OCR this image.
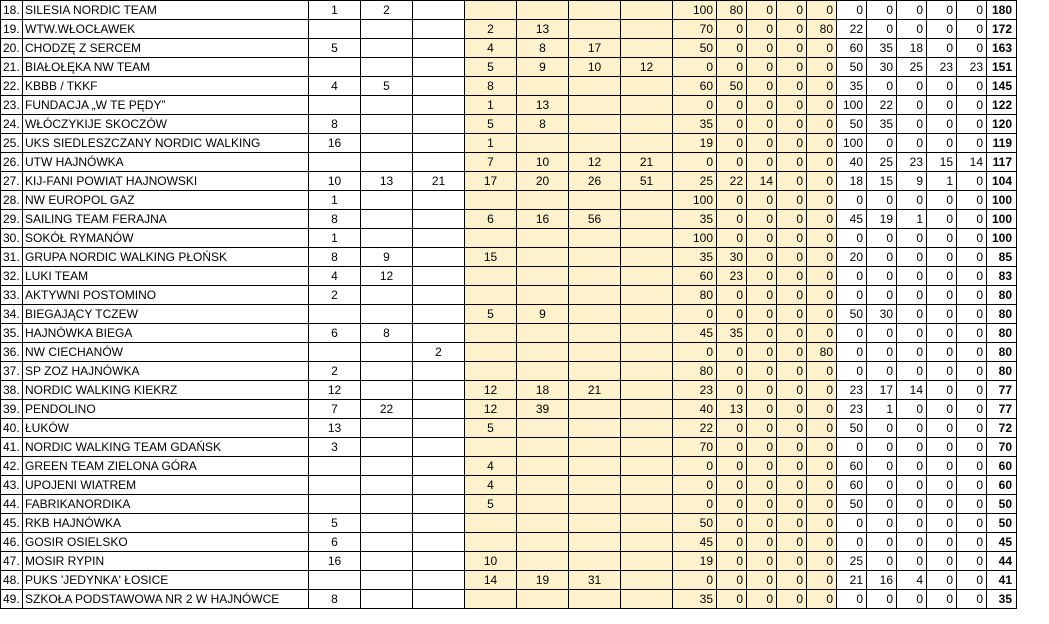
18.	SILESIA NORDIC TEAM	1	2						100	80	0	0	0	0	0	0	0	0	180
19.	WTW.WŁOCŁAWEK				2	13			70	0	0	0	80	22	0	0	0	0	172
20.	CHODZĘ Z SERCEM	5			4	8	17		50	0	0	0	0	60	35	18	0	0	163
21.	BIAŁOŁĘKA NW TEAM				5	9	10	12	0	0	0	0	0	50	30	25	23	23	151
22.	KBBB / TKKF	4	5		8				60	50	0	0	0	35	0	0	0	0	145
23.	FUNDACJA „W TE PĘDY”				1	13			0	0	0	0	0	100	22	0	0	0	122
24.	WŁÓCZYKIJE SKOCZÓW	8			5	8			35	0	0	0	0	50	35	0	0	0	120
25.	UKS SIEDLESZCZANY NORDIC WALKING	16			1				19	0	0	0	0	100	0	0	0	0	119
26.	UTW HAJNÓWKA				7	10	12	21	0	0	0	0	0	40	25	23	15	14	117
27.	KIJ-FANI POWIAT HAJNOWSKI	10	13	21	17	20	26	51	25	22	14	0	0	18	15	9	1	0	104
28.	NW EUROPOL GAZ	1							100	0	0	0	0	0	0	0	0	0	100
29.	SAILING TEAM FERAJNA	8			6	16	56		35	0	0	0	0	45	19	1	0	0	100
30.	SOKÓŁ RYMANÓW	1							100	0	0	0	0	0	0	0	0	0	100
31.	GRUPA NORDIC WALKING PŁOŃSK	8	9		15				35	30	0	0	0	20	0	0	0	0	85
32.	LUKI TEAM	4	12						60	23	0	0	0	0	0	0	0	0	83
33.	AKTYWNI POSTOMINO	2							80	0	0	0	0	0	0	0	0	0	80
34.	BIEGAJĄCY TCZEW				5	9			0	0	0	0	0	50	30	0	0	0	80
35.	HAJNÓWKA BIEGA	6	8						45	35	0	0	0	0	0	0	0	0	80
36.	NW CIECHANÓW			2					0	0	0	0	80	0	0	0	0	0	80
37.	SP ZOZ HAJNÓWKA	2							80	0	0	0	0	0	0	0	0	0	80
38.	NORDIC WALKING KIEKRZ	12			12	18	21		23	0	0	0	0	23	17	14	0	0	77
39.	PENDOLINO	7	22		12	39			40	13	0	0	0	23	1	0	0	0	77
40.	ŁUKÓW	13			5				22	0	0	0	0	50	0	0	0	0	72
41.	NORDIC WALKING TEAM GDAŃSK	3							70	0	0	0	0	0	0	0	0	0	70
42.	GREEN TEAM ZIELONA GÓRA				4				0	0	0	0	0	60	0	0	0	0	60
43.	UPOJENI WIATREM				4				0	0	0	0	0	60	0	0	0	0	60
44.	FABRIKANORDIKA				5				0	0	0	0	0	50	0	0	0	0	50
45.	RKB HAJNÓWKA	5							50	0	0	0	0	0	0	0	0	0	50
46.	GOSIR OSIELSKO	6							45	0	0	0	0	0	0	0	0	0	45
47.	MOSIR RYPIN	16			10				19	0	0	0	0	25	0	0	0	0	44
48.	PUKS 'JEDYNKA' ŁOSICE				14	19	31		0	0	0	0	0	21	16	4	0	0	41
49.	SZKOŁA PODSTAWOWA NR 2 W HAJNÓWCE	8							35	0	0	0	0	0	0	0	0	0	35
